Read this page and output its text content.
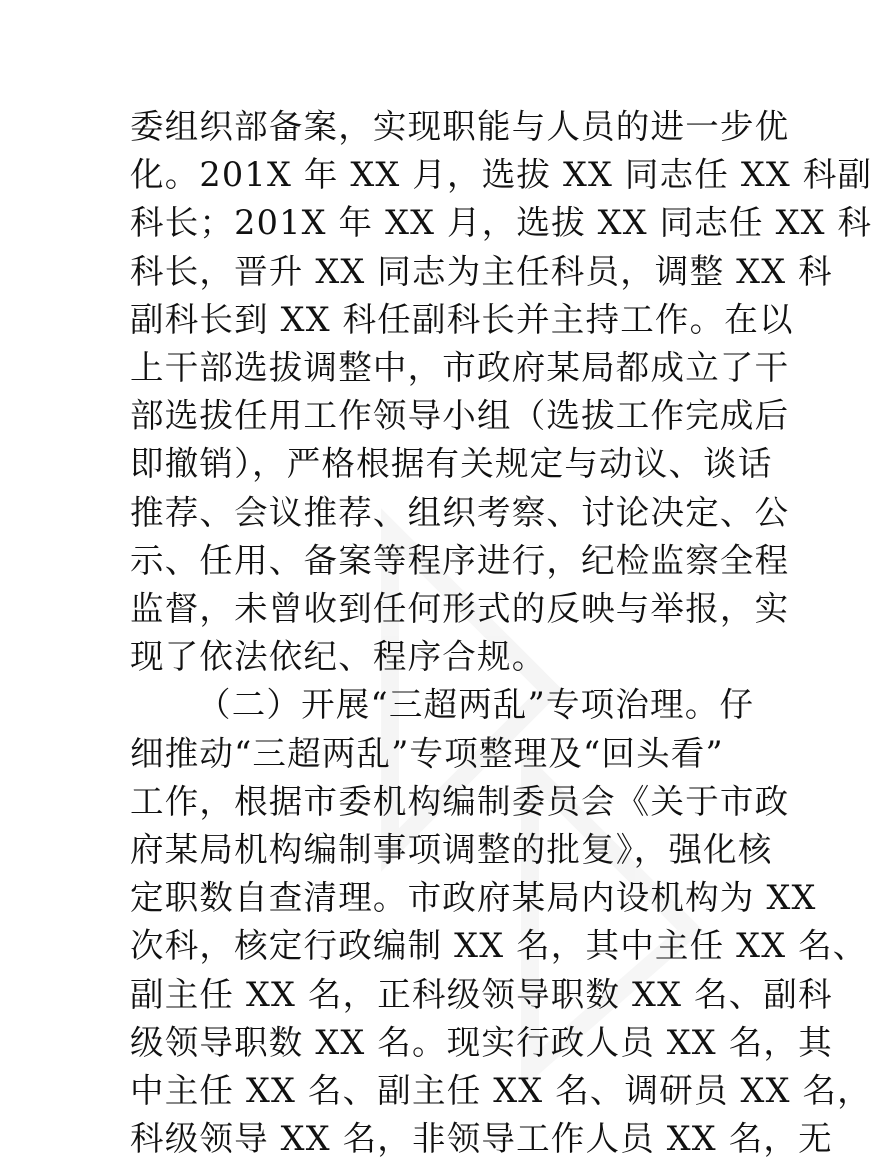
委组织部备案，实现职能与人员的进一步优
化。201X 年 XX 月，选拔 XX 同志任 XX 科副
科长；201X 年 XX 月，选拔 XX 同志任 XX 科
科长，晋升 XX 同志为主任科员，调整 XX 科
副科长到 XX 科任副科长并主持工作。在以
上干部选拔调整中，市政府某局都成立了干
部选拔任用工作领导小组（选拔工作完成后
即撤销），严格根据有关规定与动议、谈话
推荐、会议推荐、组织考察、讨论决定、公
示、任用、备案等程序进行，纪检监察全程
监督，未曾收到任何形式的反映与举报，实
现了依法依纪、程序合规。
（二）开展“三超两乱”专项治理。仔
细推动“三超两乱”专项整理及“回头看”
工作，根据市委机构编制委员会《关于市政
府某局机构编制事项调整的批复》，强化核
定职数自查清理。市政府某局内设机构为 XX
次科，核定行政编制 XX 名，其中主任 XX 名、
副主任 XX 名，正科级领导职数 XX 名、副科
级领导职数 XX 名。现实行政人员 XX 名，其
中主任 XX 名、副主任 XX 名、调研员 XX 名，
科级领导 XX 名，非领导工作人员 XX 名，无
